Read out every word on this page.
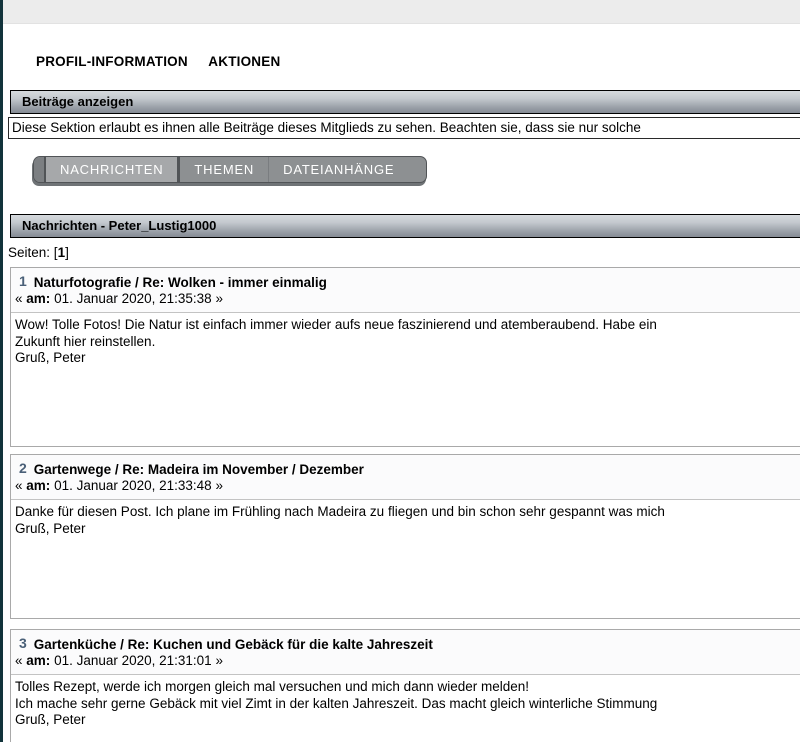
PROFIL-INFORMATION AKTIONEN
Beiträge anzeigen
Diese Sektion erlaubt es ihnen alle Beiträge dieses Mitglieds zu sehen. Beachten sie, dass sie nur solche
NACHRICHTEN	THEMEN	DATEIANHÄNGE
Nachrichten - Peter_Lustig1000
Seiten: [1]
1 Naturfotografie / Re: Wolken - immer einmalig
« am: 01. Januar 2020, 21:35:38 »
Wow! Tolle Fotos! Die Natur ist einfach immer wieder aufs neue faszinierend und atemberaubend. Habe ein
Zukunft hier reinstellen.
Gruß, Peter
2 Gartenwege / Re: Madeira im November / Dezember
« am: 01. Januar 2020, 21:33:48 »
Danke für diesen Post. Ich plane im Frühling nach Madeira zu fliegen und bin schon sehr gespannt was mich
Gruß, Peter
3 Gartenküche / Re: Kuchen und Gebäck für die kalte Jahreszeit
« am: 01. Januar 2020, 21:31:01 »
Tolles Rezept, werde ich morgen gleich mal versuchen und mich dann wieder melden!
Ich mache sehr gerne Gebäck mit viel Zimt in der kalten Jahreszeit. Das macht gleich winterliche Stimmung
Gruß, Peter
